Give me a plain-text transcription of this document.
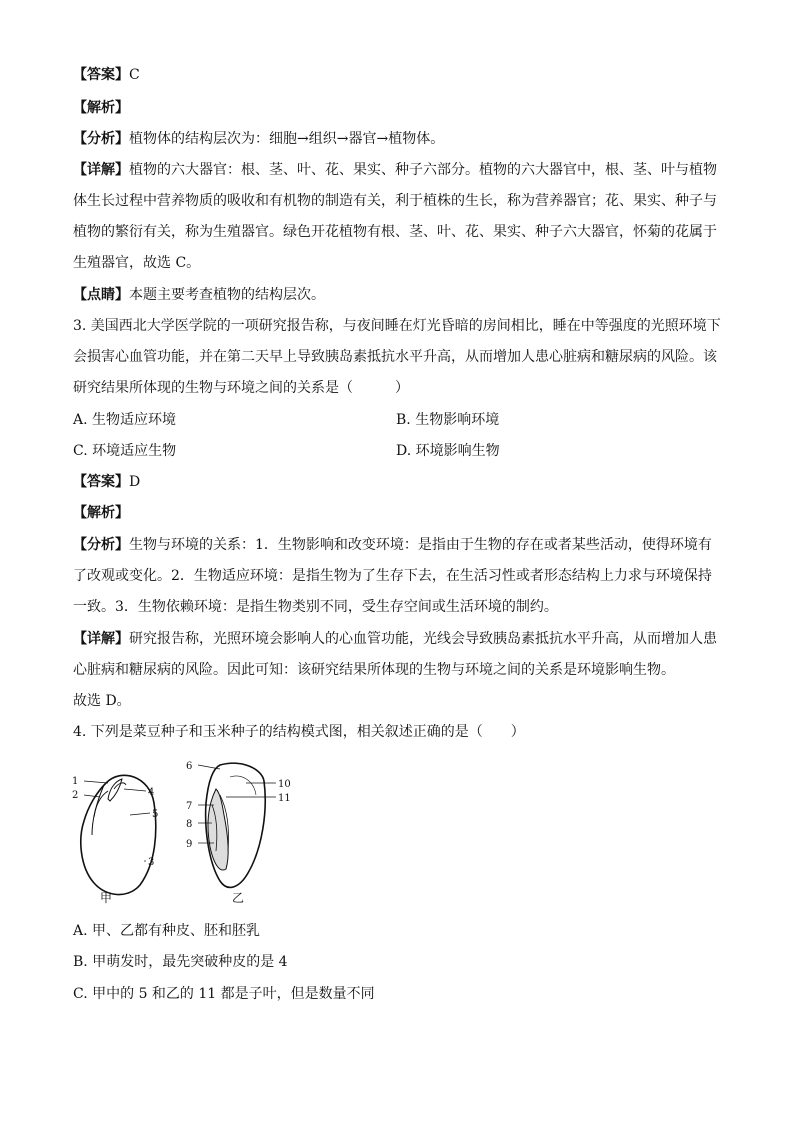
【答案】C
【解析】
【分析】植物体的结构层次为：细胞→组织→器官→植物体。
【详解】植物的六大器官：根、茎、叶、花、果实、种子六部分。植物的六大器官中，根、茎、叶与植物
体生长过程中营养物质的吸收和有机物的制造有关，利于植株的生长，称为营养器官；花、果实、种子与
植物的繁衍有关，称为生殖器官。绿色开花植物有根、茎、叶、花、果实、种子六大器官，怀菊的花属于
生殖器官，故选 C。
【点睛】本题主要考查植物的结构层次。
3. 美国西北大学医学院的一项研究报告称，与夜间睡在灯光昏暗的房间相比，睡在中等强度的光照环境下
会损害心血管功能，并在第二天早上导致胰岛素抵抗水平升高，从而增加人患心脏病和糖尿病的风险。该
研究结果所体现的生物与环境之间的关系是（　　　）
A. 生物适应环境	B. 生物影响环境
C. 环境适应生物	D. 环境影响生物
【答案】D
【解析】
【分析】生物与环境的关系：1．生物影响和改变环境：是指由于生物的存在或者某些活动，使得环境有
了改观或变化。2．生物适应环境：是指生物为了生存下去，在生活习性或者形态结构上力求与环境保持
一致。3．生物依赖环境：是指生物类别不同，受生存空间或生活环境的制约。
【详解】研究报告称，光照环境会影响人的心血管功能，光线会导致胰岛素抵抗水平升高，从而增加人患
心脏病和糖尿病的风险。因此可知：该研究结果所体现的生物与环境之间的关系是环境影响生物。
故选 D。
4. 下列是菜豆种子和玉米种子的结构模式图，相关叙述正确的是（　　）
1
2
3
4
5
甲
6
7
8
9
10
11
乙
A. 甲、乙都有种皮、胚和胚乳
B. 甲萌发时，最先突破种皮的是 4
C. 甲中的 5 和乙的 11 都是子叶，但是数量不同
